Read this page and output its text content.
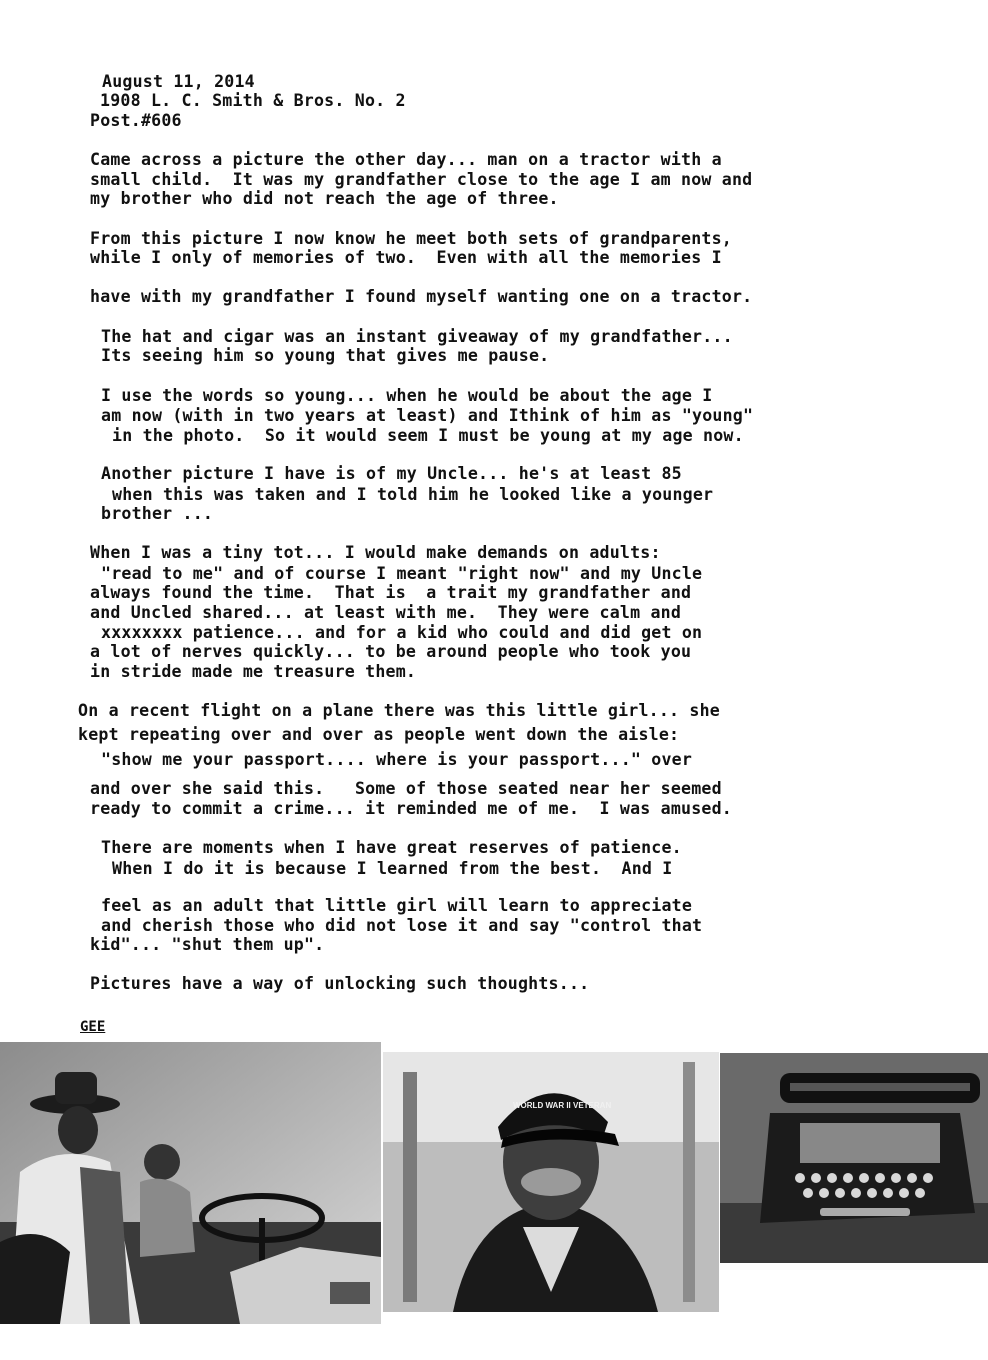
August 11, 2014
1908 L. C. Smith & Bros. No. 2
Post.#606
Came across a picture the other day... man on a tractor with a
small child.  It was my grandfather close to the age I am now and
my brother who did not reach the age of three.
From this picture I now know he meet both sets of grandparents,
while I only of memories of two.  Even with all the memories I
have with my grandfather I found myself wanting one on a tractor.
The hat and cigar was an instant giveaway of my grandfather...
Its seeing him so young that gives me pause.
I use the words so young... when he would be about the age I
am now (with in two years at least) and Ithink of him as "young"
in the photo.  So it would seem I must be young at my age now.
Another picture I have is of my Uncle... he's at least 85
when this was taken and I told him he looked like a younger
brother ...
When I was a tiny tot... I would make demands on adults:
"read to me" and of course I meant "right now" and my Uncle
always found the time.  That is  a trait my grandfather and
and Uncled shared... at least with me.  They were calm and
xxxxxxxx patience... and for a kid who could and did get on
a lot of nerves quickly... to be around people who took you
in stride made me treasure them.
On a recent flight on a plane there was this little girl... she
kept repeating over and over as people went down the aisle:
"show me your passport.... where is your passport..." over
and over she said this.   Some of those seated near her seemed
ready to commit a crime... it reminded me of me.  I was amused.
There are moments when I have great reserves of patience.
When I do it is because I learned from the best.  And I
feel as an adult that little girl will learn to appreciate
and cherish those who did not lose it and say "control that
kid"... "shut them up".
Pictures have a way of unlocking such thoughts...
GEE
WORLD WAR II VETERAN
